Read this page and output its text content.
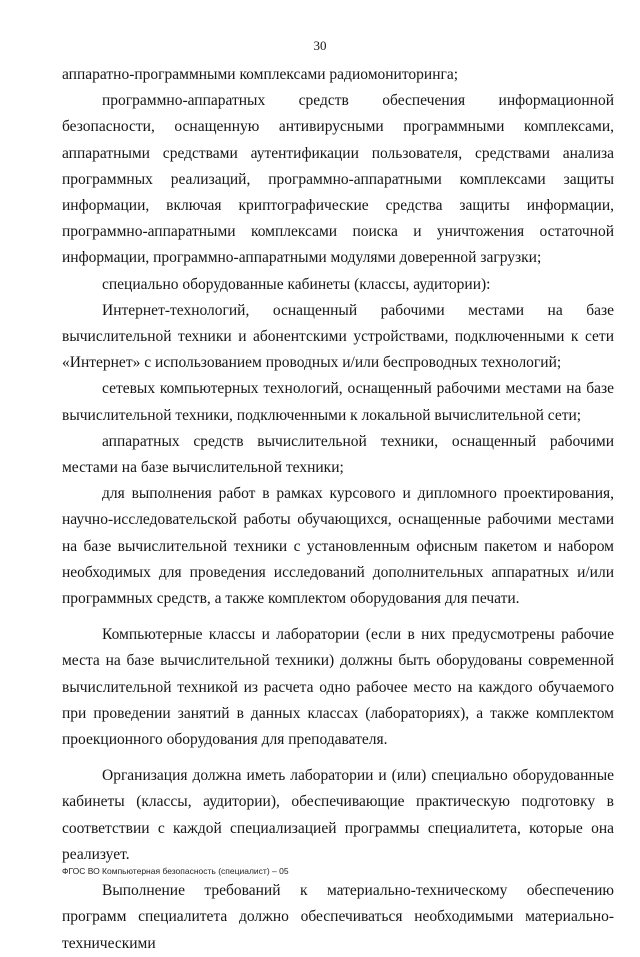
30

аппаратно-программными комплексами радиомониторинга;

программно-аппаратных средств обеспечения информационной безопасности, оснащенную антивирусными программными комплексами, аппаратными средствами аутентификации пользователя, средствами анализа программных реализаций, программно-аппаратными комплексами защиты информации, включая криптографические средства защиты информации, программно-аппаратными комплексами поиска и уничтожения остаточной информации, программно-аппаратными модулями доверенной загрузки;

специально оборудованные кабинеты (классы, аудитории):

Интернет-технологий, оснащенный рабочими местами на базе вычислительной техники и абонентскими устройствами, подключенными к сети «Интернет» с использованием проводных и/или беспроводных технологий;

сетевых компьютерных технологий, оснащенный рабочими местами на базе вычислительной техники, подключенными к локальной вычислительной сети;

аппаратных средств вычислительной техники, оснащенный рабочими местами на базе вычислительной техники;

для выполнения работ в рамках курсового и дипломного проектирования, научно-исследовательской работы обучающихся, оснащенные рабочими местами на базе вычислительной техники с установленным офисным пакетом и набором необходимых для проведения исследований дополнительных аппаратных и/или программных средств, а также комплектом оборудования для печати.

Компьютерные классы и лаборатории (если в них предусмотрены рабочие места на базе вычислительной техники) должны быть оборудованы современной вычислительной техникой из расчета одно рабочее место на каждого обучаемого при проведении занятий в данных классах (лабораториях), а также комплектом проекционного оборудования для преподавателя.

Организация должна иметь лаборатории и (или) специально оборудованные кабинеты (классы, аудитории), обеспечивающие практическую подготовку в соответствии с каждой специализацией программы специалитета, которые она реализует.

Выполнение требований к материально-техническому обеспечению программ специалитета должно обеспечиваться необходимыми материально-техническими

ФГОС ВО Компьютерная безопасность (специалист) – 05
